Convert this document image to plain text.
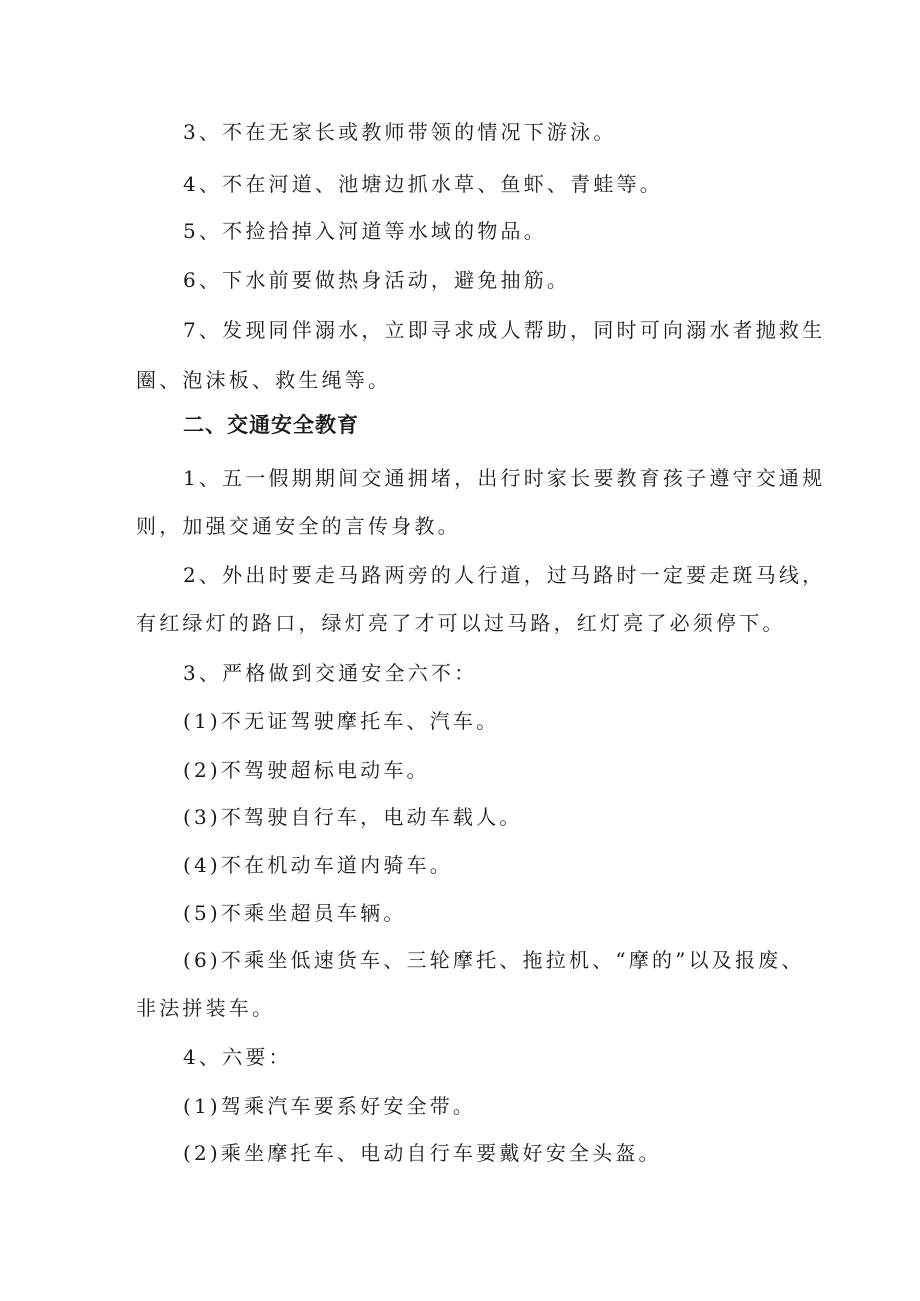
3、不在无家长或教师带领的情况下游泳。
4、不在河道、池塘边抓水草、鱼虾、青蛙等。
5、不捡拾掉入河道等水域的物品。
6、下水前要做热身活动，避免抽筋。
7、发现同伴溺水，立即寻求成人帮助，同时可向溺水者抛救生
圈、泡沫板、救生绳等。
二、交通安全教育
1、五一假期期间交通拥堵，出行时家长要教育孩子遵守交通规
则，加强交通安全的言传身教。
2、外出时要走马路两旁的人行道，过马路时一定要走斑马线，
有红绿灯的路口，绿灯亮了才可以过马路，红灯亮了必须停下。
3、严格做到交通安全六不：
(1)不无证驾驶摩托车、汽车。
(2)不驾驶超标电动车。
(3)不驾驶自行车，电动车载人。
(4)不在机动车道内骑车。
(5)不乘坐超员车辆。
(6)不乘坐低速货车、三轮摩托、拖拉机、“摩的”以及报废、
非法拼装车。
4、六要：
(1)驾乘汽车要系好安全带。
(2)乘坐摩托车、电动自行车要戴好安全头盔。
